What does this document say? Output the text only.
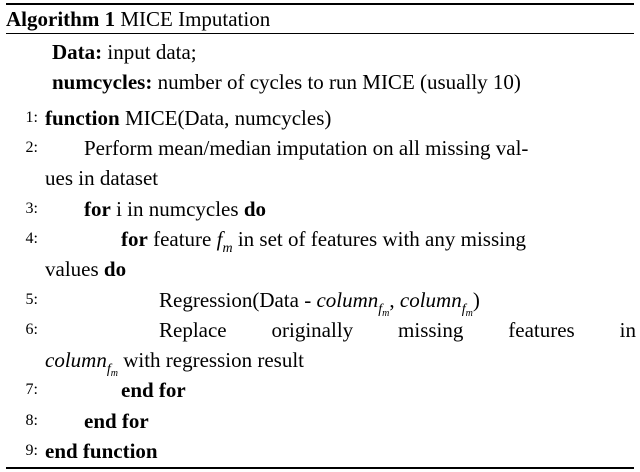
Algorithm 1 MICE Imputation
Data: input data;
numcycles: number of cycles to run MICE (usually 10)
1: function MICE(Data, numcycles)
2: Perform mean/median imputation on all missing val-
ues in dataset
3: for i in numcycles do
4:	for feature $f_m$ in set of features with any missing
values do
5:	Regression(Data - column$_{f_m}$, column$_{f_m}$)
6:	Replace originally missing features in
column$_{f_m}$ with regression result
7:	end for
8: end for
9: end function
